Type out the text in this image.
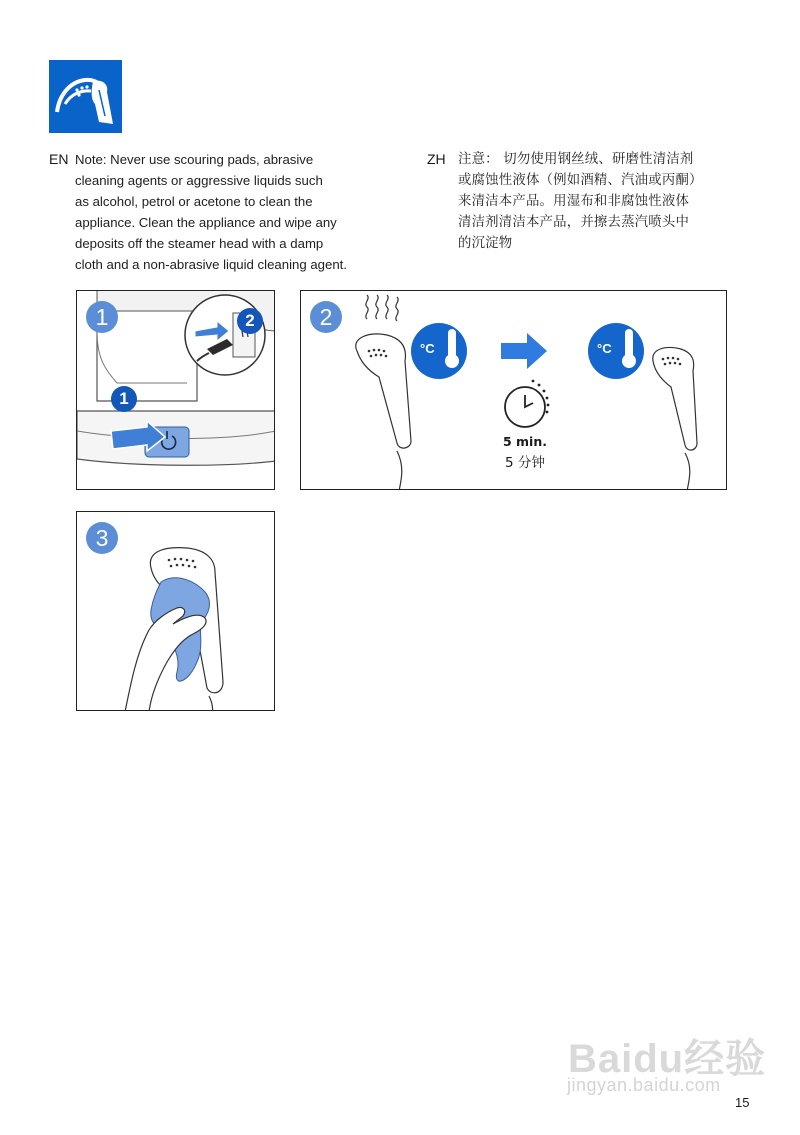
EN Note: Never use scouring pads, abrasive
cleaning agents or aggressive liquids such
as alcohol, petrol or acetone to clean the
appliance. Clean the appliance and wipe any
deposits off the steamer head with a damp
cloth and a non-abrasive liquid cleaning agent.
ZH 注意： 切勿使用钢丝绒、研磨性清洁剂
或腐蚀性液体（例如酒精、汽油或丙酮）
来清洁本产品。用湿布和非腐蚀性液体
清洁剂清洁本产品，并擦去蒸汽喷头中
的沉淀物
1	2
1
2
°C	°C
5 min.
5 分钟
3
Baidu经验
jingyan.baidu.com
15
